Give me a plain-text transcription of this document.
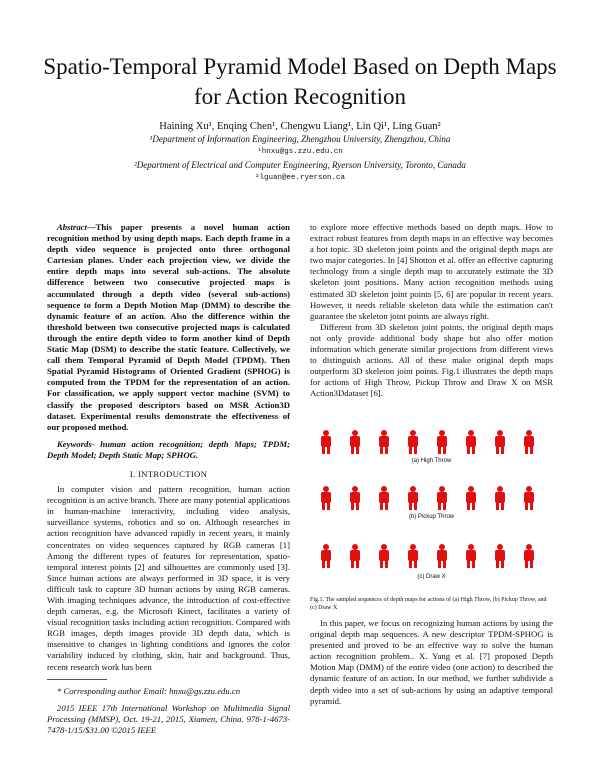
Spatio-Temporal Pyramid Model Based on Depth Maps for Action Recognition
Haining Xu¹, Enqing Chen¹, Chengwu Liang¹, Lin Qi¹, Ling Guan²
¹Department of Information Engineering, Zhengzhou University, Zhengzhou, China
¹hnxu@gs.zzu.edu.cn
²Department of Electrical and Computer Engineering, Ryerson University, Toronto, Canada
²lguan@ee.ryerson.ca

Abstract—This paper presents a novel human action recognition method by using depth maps. Each depth frame in a depth video sequence is projected onto three orthogonal Cartesian planes. Under each projection view, we divide the entire depth maps into several sub-actions. The absolute difference between two consecutive projected maps is accumulated through a depth video (several sub-actions) sequence to form a Depth Motion Map (DMM) to describe the dynamic feature of an action. Also the difference within the threshold between two consecutive projected maps is calculated through the entire depth video to form another kind of Depth Static Map (DSM) to describe the static feature. Collectively, we call them Temporal Pyramid of Depth Model (TPDM). Then Spatial Pyramid Histograms of Oriented Gradient (SPHOG) is computed from the TPDM for the representation of an action. For classification, we apply support vector machine (SVM) to classify the proposed descriptors based on MSR Action3D dataset. Experimental results demonstrate the effectiveness of our proposed method.

Keywords- human action recognition; depth Maps; TPDM; Depth Model; Depth Static Map; SPHOG.

I. INTRODUCTION

In computer vision and pattern recognition, human action recognition is an active branch. There are many potential applications in human-machine interactivity, including video analysis, surveillance systems, robotics and so on. Although researches in action recognition have advanced rapidly in recent years, it mainly concentrates on video sequences captured by RGB cameras [1] Among the different types of features for representation, spatio-temporal interest points [2] and silhouettes are commonly used [3]. Since human actions are always performed in 3D space, it is very difficult task to capture 3D human actions by using RGB cameras. With imaging techniques advance, the introduction of cost-effective depth cameras, e.g. the Microsoft Kinect, facilitates a variety of visual recognition tasks including action recognition. Compared with RGB images, depth images provide 3D depth data, which is insensitive to changes in lighting conditions and ignores the color variability induced by clothing, skin, hair and background. Thus, recent research work has been

* Corresponding author Email: hnxu@gs.zzu.edu.cn

2015 IEEE 17th International Workshop on Multimedia Signal Processing (MMSP), Oct. 19-21, 2015, Xiamen, China. 978-1-4673-7478-1/15/$31.00 ©2015 IEEE

to explore more effective methods based on depth maps. How to extract robust features from depth maps in an effective way becomes a hot topic. 3D skeleton joint points and the original depth maps are two major categories. In [4] Shotton et al. offer an effective capturing technology from a single depth map to accurately estimate the 3D skeleton joint positions. Many action recognition methods using estimated 3D skeleton joint points [5, 6] are popular in recent years. However, it needs reliable skeleton data while the estimation can't guarantee the skeleton joint points are always right.

Different from 3D skeleton joint points, the original depth maps not only provide additional body shape but also offer motion information which generate similar projections from different views to distinguish actions. All of these make original depth maps outperform 3D skeleton joint points. Fig.1 illustrates the depth maps for actions of High Throw, Pickup Throw and Draw X on MSR Action3Ddataset [6].

(a) High Throw
(b) Pickup Throw
(c) Draw X
Fig.1. The sampled sequences of depth maps for actions of (a) High Throw, (b) Pickup Throw, and (c) Draw X

In this paper, we focus on recognizing human actions by using the original depth map sequences. A new descriptor TPDM-SPHOG is presented and proved to be an effective way to solve the human action recognition problem.. X. Yang et al. [7] proposed Depth Motion Map (DMM) of the entire video (one action) to described the dynamic feature of an action. In our method, we further subdivide a depth video into a set of sub-actions by using an adaptive temporal pyramid.
